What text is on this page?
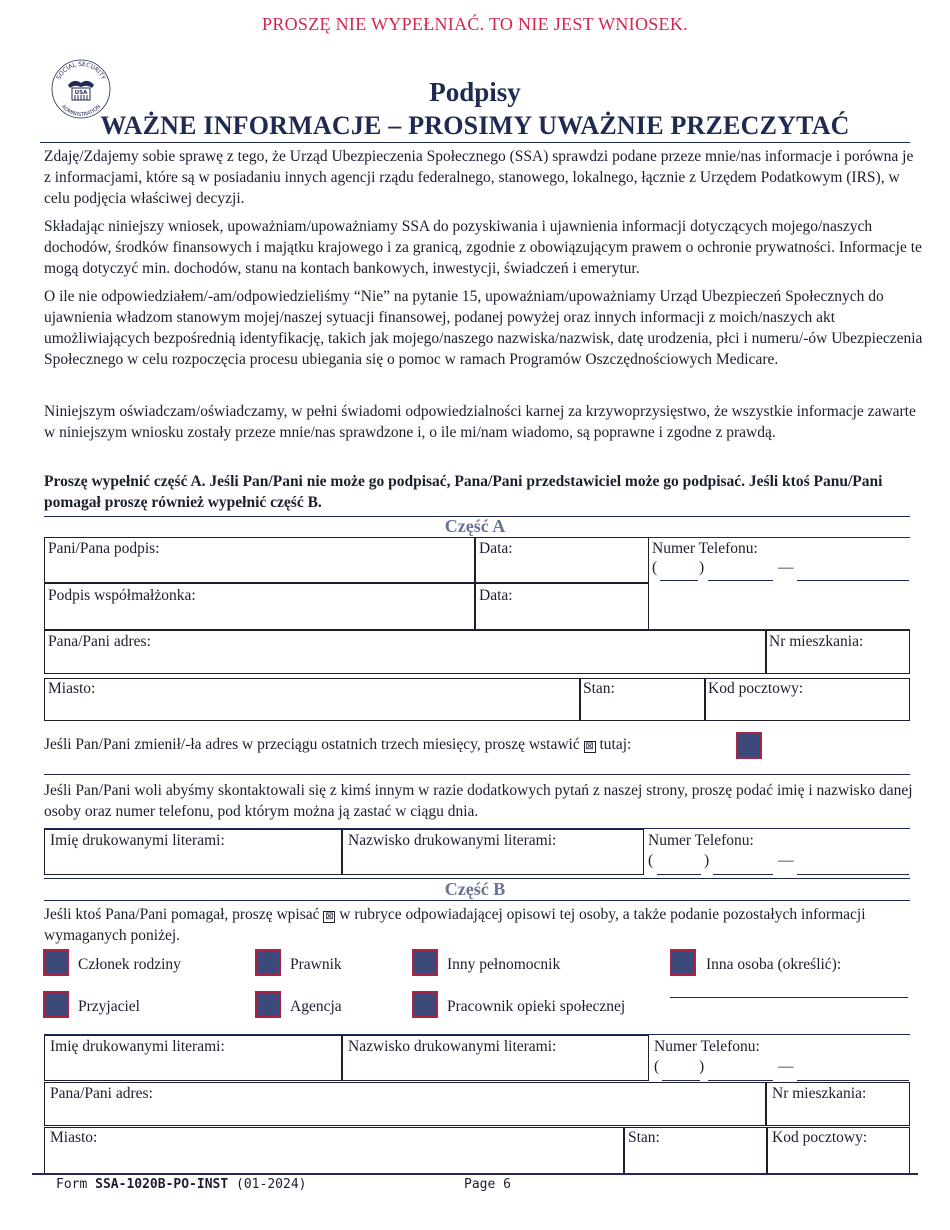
PROSZĘ NIE WYPEŁNIAĆ. TO NIE JEST WNIOSEK.
SOCIAL SECURITY
ADMINISTRATION
USA	Podpisy
WAŻNE INFORMACJE – PROSIMY UWAŻNIE PRZECZYTAĆ
Zdaję/Zdajemy sobie sprawę z tego, że Urząd Ubezpieczenia Społecznego (SSA) sprawdzi podane przeze mnie/nas informacje i porówna je z informacjami, które są w posiadaniu innych agencji rządu federalnego, stanowego, lokalnego, łącznie z Urzędem Podatkowym (IRS), w celu podjęcia właściwej decyzji.
Składając niniejszy wniosek, upoważniam/upoważniamy SSA do pozyskiwania i ujawnienia informacji dotyczących mojego/naszych dochodów, środków finansowych i majątku krajowego i za granicą, zgodnie z obowiązującym prawem o ochronie prywatności. Informacje te mogą dotyczyć min. dochodów, stanu na kontach bankowych, inwestycji, świadczeń i emerytur.
O ile nie odpowiedziałem/-am/odpowiedzieliśmy “Nie” na pytanie 15, upoważniam/upoważniamy Urząd Ubezpieczeń Społecznych do ujawnienia władzom stanowym mojej/naszej sytuacji finansowej, podanej powyżej oraz innych informacji z moich/naszych akt umożliwiających bezpośrednią identyfikację, takich jak mojego/naszego nazwiska/nazwisk, datę urodzenia, płci i numeru/-ów Ubezpieczenia Społecznego w celu rozpoczęcia procesu ubiegania się o pomoc w ramach Programów Oszczędnościowych Medicare.
Niniejszym oświadczam/oświadczamy, w pełni świadomi odpowiedzialności karnej za krzywoprzysięstwo, że wszystkie informacje zawarte w niniejszym wniosku zostały przeze mnie/nas sprawdzone i, o ile mi/nam wiadomo, są poprawne i zgodne z prawdą.
Proszę wypełnić część A. Jeśli Pan/Pani nie może go podpisać, Pana/Pani przedstawiciel może go podpisać. Jeśli ktoś Panu/Pani pomagał proszę również wypełnić część B.
Część A
Pani/Pana podpis:	Data:	Numer Telefonu:
(	)	—
Podpis współmałżonka:	Data:
Pana/Pani adres:	Nr mieszkania:
Miasto:	Stan:	Kod pocztowy:
Jeśli Pan/Pani zmienił/-ła adres w przeciągu ostatnich trzech miesięcy, proszę wstawić ⊠ tutaj:
Jeśli Pan/Pani woli abyśmy skontaktowali się z kimś innym w razie dodatkowych pytań z naszej strony, proszę podać imię i nazwisko danej osoby oraz numer telefonu, pod którym można ją zastać w ciągu dnia.
Imię drukowanymi literami:	Nazwisko drukowanymi literami:	Numer Telefonu:
(	)	—
Część B
Jeśli ktoś Pana/Pani pomagał, proszę wpisać ⊠ w rubryce odpowiadającej opisowi tej osoby, a także podanie pozostałych informacji wymaganych poniżej.
Członek rodziny	Prawnik	Inny pełnomocnik	Inna osoba (określić):
Przyjaciel	Agencja	Pracownik opieki społecznej
Imię drukowanymi literami:	Nazwisko drukowanymi literami:	Numer Telefonu:
(	)	—
Pana/Pani adres:	Nr mieszkania:
Miasto:	Stan:	Kod pocztowy:
Form SSA-1020B-PO-INST (01-2024)	Page 6
